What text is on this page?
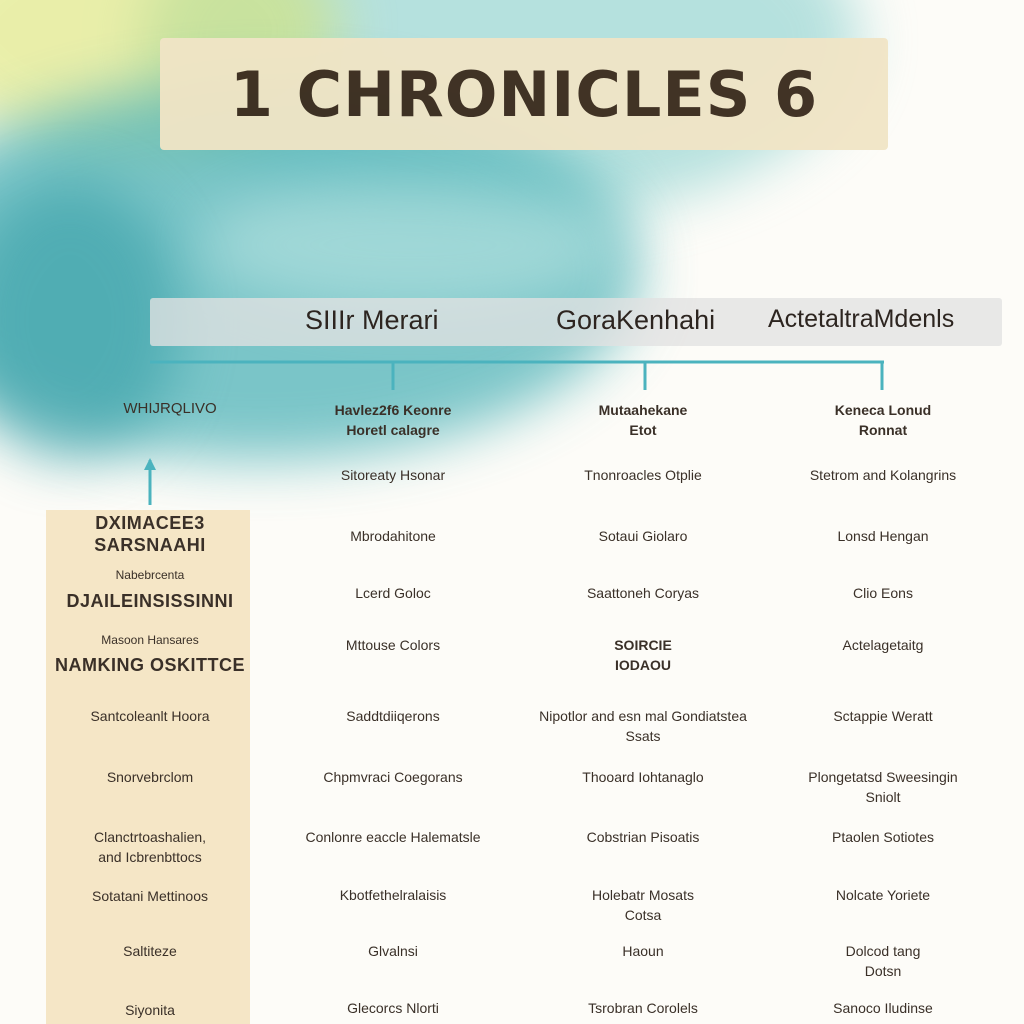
1 CHRONICLES 6
SIIIr Merari	GoraKenhahi ActetaltraMdenls
WHIJRQLIVO
DXIMACEE3
SARSNAAHI
Nabebrcenta
DJAILEINSISSINNI
Masoon Hansares
NAMKING OSKITTCE
Santcoleanlt Hoora
Snorvebrclom
Clanctrtoashalien,
and Icbrenbttocs
Sotatani Mettinoos
Saltiteze
Siyonita
Havlez2f6 Keonre
Horetl calagre
Sitoreaty Hsonar
Mbrodahitone
Lcerd Goloc
Mttouse Colors
Saddtdiiqerons
Chpmvraci Coegorans
Conlonre eaccle Halematsle
Kbotfethelralaisis
Glvalnsi
Glecorcs Nlorti
Mutaahekane
Etot
Tnonroacles Otplie
Sotaui Giolaro
Saattoneh Coryas
SOIRCIE
IODAOU
Nipotlor and esn mal Gondiatstea
Ssats
Thooard Iohtanaglo
Cobstrian Pisoatis
Holebatr Mosats
Cotsa
Haoun
Tsrobran Corolels
Keneca Lonud
Ronnat
Stetrom and Kolangrins
Lonsd Hengan
Clio Eons
Actelagetaitg
Sctappie Weratt
Plongetatsd Sweesingin
Sniolt
Ptaolen Sotiotes
Nolcate Yoriete
Dolcod tang
Dotsn
Sanoco Iludinse
